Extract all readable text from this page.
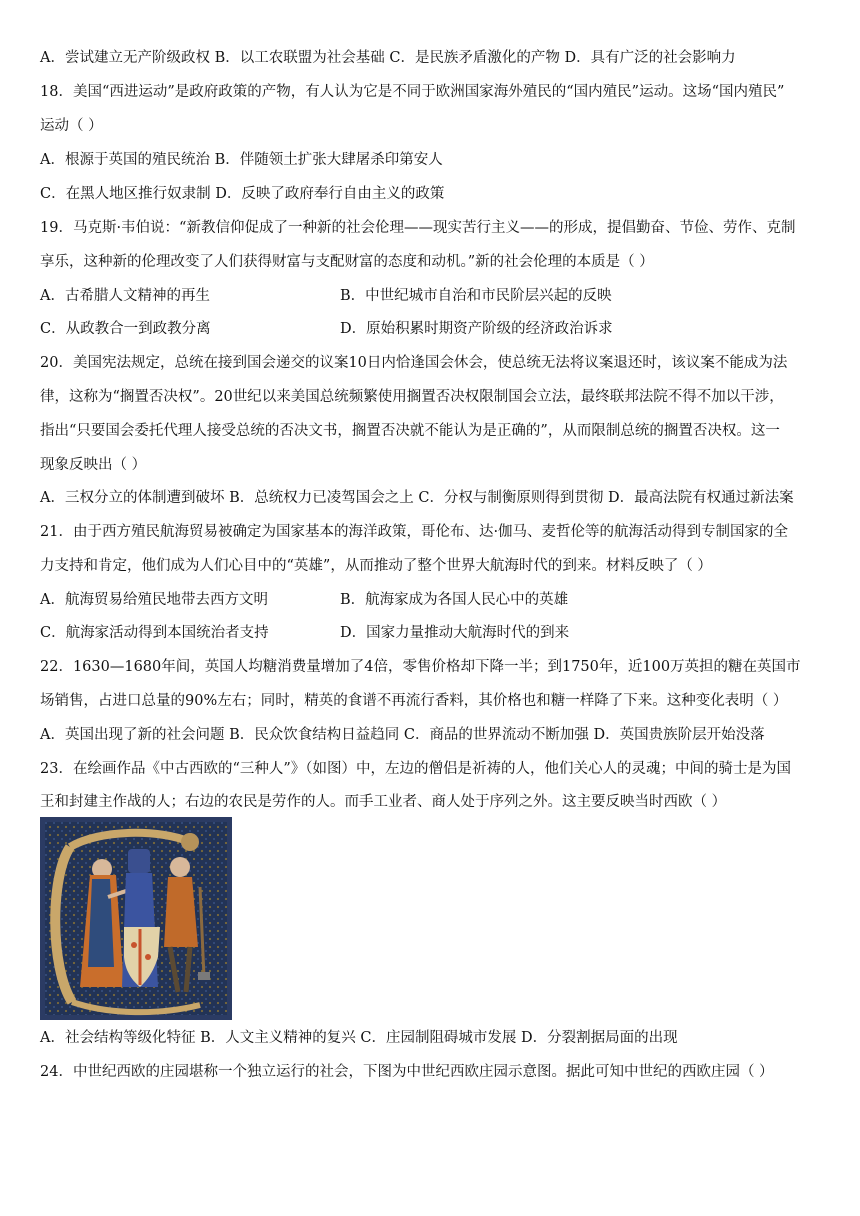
A．尝试建立无产阶级政权 B．以工农联盟为社会基础 C．是民族矛盾激化的产物 D．具有广泛的社会影响力
18．美国“西进运动”是政府政策的产物，有人认为它是不同于欧洲国家海外殖民的“国内殖民”运动。这场“国内殖民”
运动（ ）
A．根源于英国的殖民统治 B．伴随领土扩张大肆屠杀印第安人
C．在黑人地区推行奴隶制 D．反映了政府奉行自由主义的政策
19．马克斯·韦伯说：“新教信仰促成了一种新的社会伦理——现实苦行主义——的形成，提倡勤奋、节俭、劳作、克制
享乐，这种新的伦理改变了人们获得财富与支配财富的态度和动机。”新的社会伦理的本质是（ ）
A．古希腊人文精神的再生	B．中世纪城市自治和市民阶层兴起的反映
C．从政教合一到政教分离	D．原始积累时期资产阶级的经济政治诉求
20．美国宪法规定，总统在接到国会递交的议案10日内恰逢国会休会，使总统无法将议案退还时，该议案不能成为法
律，这称为“搁置否决权”。20世纪以来美国总统频繁使用搁置否决权限制国会立法，最终联邦法院不得不加以干涉，
指出“只要国会委托代理人接受总统的否决文书，搁置否决就不能认为是正确的”，从而限制总统的搁置否决权。这一
现象反映出（ ）
A．三权分立的体制遭到破坏 B．总统权力已凌驾国会之上 C．分权与制衡原则得到贯彻 D．最高法院有权通过新法案
21．由于西方殖民航海贸易被确定为国家基本的海洋政策，哥伦布、达·伽马、麦哲伦等的航海活动得到专制国家的全
力支持和肯定，他们成为人们心目中的“英雄”，从而推动了整个世界大航海时代的到来。材料反映了（ ）
A．航海贸易给殖民地带去西方文明	B．航海家成为各国人民心中的英雄
C．航海家活动得到本国统治者支持	D．国家力量推动大航海时代的到来
22．1630—1680年间，英国人均糖消费量增加了4倍，零售价格却下降一半；到1750年，近100万英担的糖在英国市
场销售，占进口总量的90%左右；同时，精英的食谱不再流行香料，其价格也和糖一样降了下来。这种变化表明（ ）
A．英国出现了新的社会问题 B．民众饮食结构日益趋同 C．商品的世界流动不断加强 D．英国贵族阶层开始没落
23．在绘画作品《中古西欧的“三种人”》（如图）中，左边的僧侣是祈祷的人，他们关心人的灵魂；中间的骑士是为国
王和封建主作战的人；右边的农民是劳作的人。而手工业者、商人处于序列之外。这主要反映当时西欧（ ）
A．社会结构等级化特征 B．人文主义精神的复兴 C．庄园制阻碍城市发展 D．分裂割据局面的出现
24．中世纪西欧的庄园堪称一个独立运行的社会，下图为中世纪西欧庄园示意图。据此可知中世纪的西欧庄园（ ）
